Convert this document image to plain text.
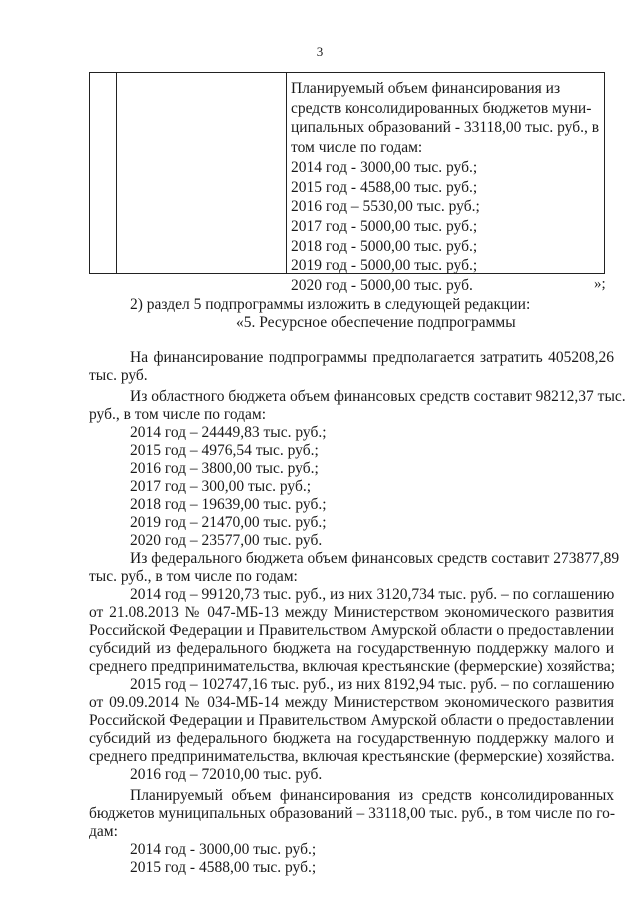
3
Планируемый объем финансирования из
средств консолидированных бюджетов муни-
ципальных образований - 33118,00 тыс. руб., в
том числе по годам:
2014 год - 3000,00 тыс. руб.;
2015 год - 4588,00 тыс. руб.;
2016 год – 5530,00 тыс. руб.;
2017 год - 5000,00 тыс. руб.;
2018 год - 5000,00 тыс. руб.;
2019 год - 5000,00 тыс. руб.;
2020 год - 5000,00 тыс. руб.	»;
2) раздел 5 подпрограммы изложить в следующей редакции:
«5. Ресурсное обеспечение подпрограммы
На финансирование подпрограммы предполагается затратить 405208,26
тыс. руб.
Из областного бюджета объем финансовых средств составит 98212,37 тыс.
руб., в том числе по годам:
2014 год – 24449,83 тыс. руб.;
2015 год – 4976,54 тыс. руб.;
2016 год – 3800,00 тыс. руб.;
2017 год – 300,00 тыс. руб.;
2018 год – 19639,00 тыс. руб.;
2019 год – 21470,00 тыс. руб.;
2020 год – 23577,00 тыс. руб.
Из федерального бюджета объем финансовых средств составит 273877,89
тыс. руб., в том числе по годам:
2014 год – 99120,73 тыс. руб., из них 3120,734 тыс. руб. – по соглашению
от 21.08.2013 № 047-МБ-13 между Министерством экономического развития
Российской Федерации и Правительством Амурской области о предоставлении
субсидий из федерального бюджета на государственную поддержку малого и
среднего предпринимательства, включая крестьянские (фермерские) хозяйства;
2015 год – 102747,16 тыс. руб., из них 8192,94 тыс. руб. – по соглашению
от 09.09.2014 № 034-МБ-14 между Министерством экономического развития
Российской Федерации и Правительством Амурской области о предоставлении
субсидий из федерального бюджета на государственную поддержку малого и
среднего предпринимательства, включая крестьянские (фермерские) хозяйства.
2016 год – 72010,00 тыс. руб.
Планируемый объем финансирования из средств консолидированных
бюджетов муниципальных образований – 33118,00 тыс. руб., в том числе по го-
дам:
2014 год - 3000,00 тыс. руб.;
2015 год - 4588,00 тыс. руб.;
